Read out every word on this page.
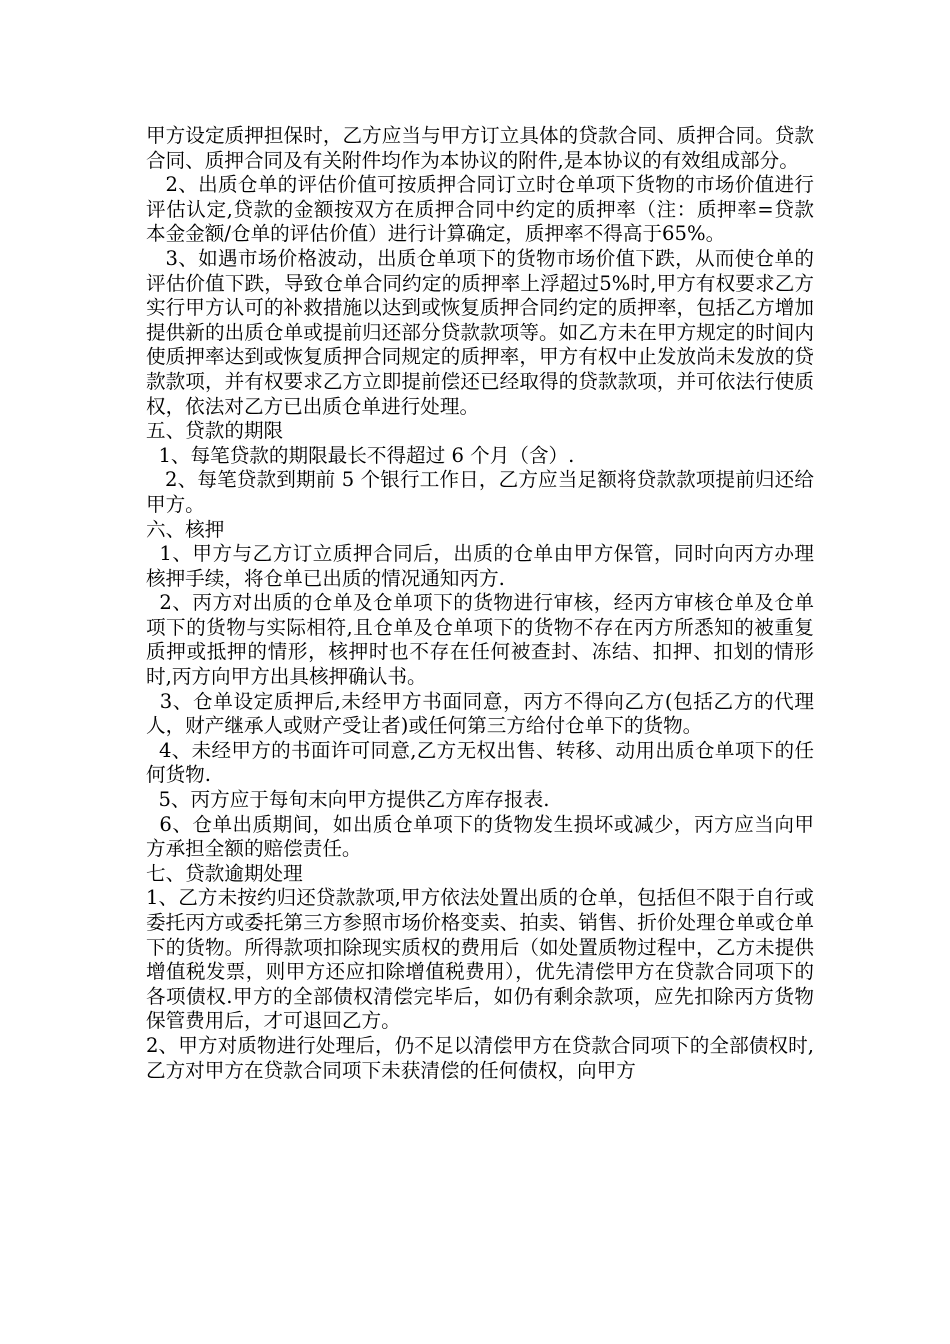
甲方设定质押担保时，乙方应当与甲方订立具体的贷款合同、质押合同。贷款合同、质押合同及有关附件均作为本协议的附件,是本协议的有效组成部分。

2、出质仓单的评估价值可按质押合同订立时仓单项下货物的市场价值进行评估认定,贷款的金额按双方在质押合同中约定的质押率（注：质押率=贷款本金金额/仓单的评估价值）进行计算确定，质押率不得高于65%。

3、如遇市场价格波动，出质仓单项下的货物市场价值下跌，从而使仓单的评估价值下跌，导致仓单合同约定的质押率上浮超过5%时,甲方有权要求乙方实行甲方认可的补救措施以达到或恢复质押合同约定的质押率，包括乙方增加提供新的出质仓单或提前归还部分贷款款项等。如乙方未在甲方规定的时间内使质押率达到或恢复质押合同规定的质押率，甲方有权中止发放尚未发放的贷款款项，并有权要求乙方立即提前偿还已经取得的贷款款项，并可依法行使质权，依法对乙方已出质仓单进行处理。

五、贷款的期限

1、每笔贷款的期限最长不得超过 6 个月（含）.

2、每笔贷款到期前 5 个银行工作日，乙方应当足额将贷款款项提前归还给甲方。

六、核押

1、甲方与乙方订立质押合同后，出质的仓单由甲方保管，同时向丙方办理核押手续，将仓单已出质的情况通知丙方.

2、丙方对出质的仓单及仓单项下的货物进行审核，经丙方审核仓单及仓单项下的货物与实际相符,且仓单及仓单项下的货物不存在丙方所悉知的被重复质押或抵押的情形，核押时也不存在任何被查封、冻结、扣押、扣划的情形时,丙方向甲方出具核押确认书。

3、仓单设定质押后,未经甲方书面同意，丙方不得向乙方(包括乙方的代理人，财产继承人或财产受让者)或任何第三方给付仓单下的货物。

4、未经甲方的书面许可同意,乙方无权出售、转移、动用出质仓单项下的任何货物.

5、丙方应于每旬末向甲方提供乙方库存报表.

6、仓单出质期间，如出质仓单项下的货物发生损坏或减少，丙方应当向甲方承担全额的赔偿责任。

七、贷款逾期处理

1、乙方未按约归还贷款款项,甲方依法处置出质的仓单，包括但不限于自行或委托丙方或委托第三方参照市场价格变卖、拍卖、销售、折价处理仓单或仓单下的货物。所得款项扣除现实质权的费用后（如处置质物过程中，乙方未提供增值税发票，则甲方还应扣除增值税费用），优先清偿甲方在贷款合同项下的各项债权.甲方的全部债权清偿完毕后，如仍有剩余款项，应先扣除丙方货物保管费用后，才可退回乙方。

2、甲方对质物进行处理后，仍不足以清偿甲方在贷款合同项下的全部债权时,乙方对甲方在贷款合同项下未获清偿的任何债权，向甲方
